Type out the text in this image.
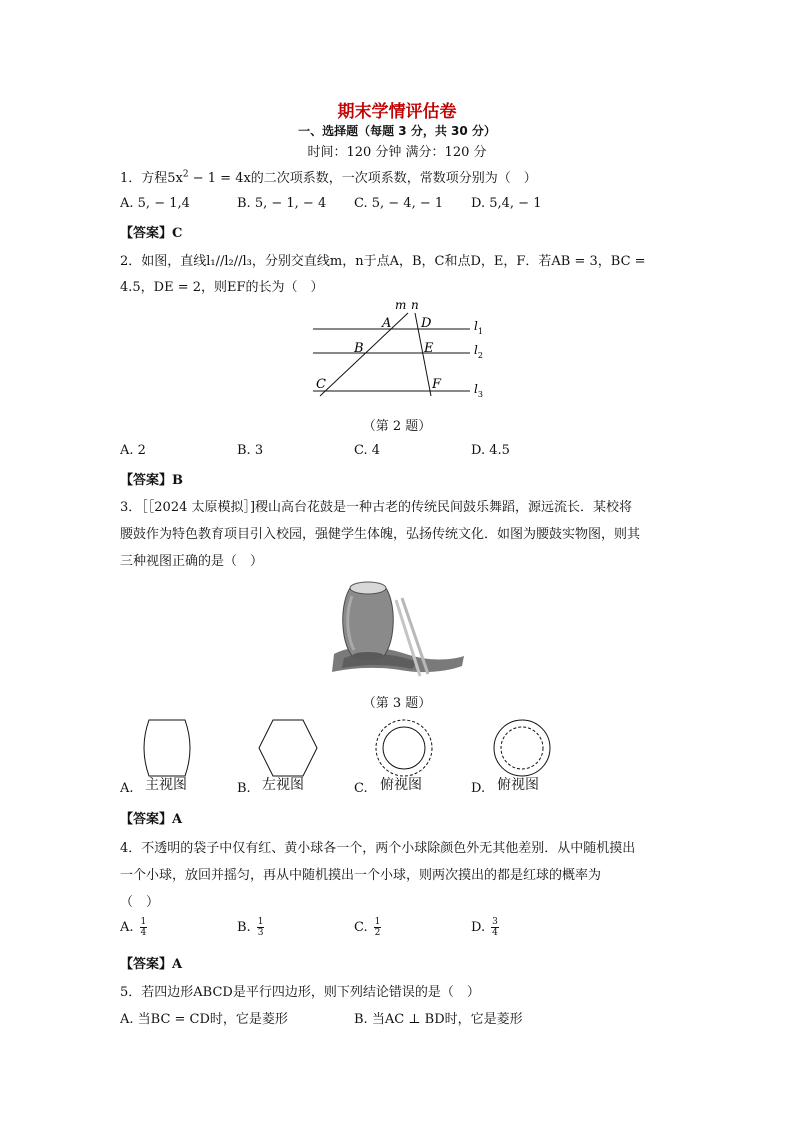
期末学情评估卷
一、选择题（每题 3 分，共 30 分）
时间：120 分钟 满分：120 分
1．方程$5x^2 - 1 = 4x$的二次项系数，一次项系数，常数项分别为（　）
A. 5, − 1,4	B. 5, − 1, − 4 C. 5, − 4, − 1 D. 5,4, − 1
【答案】C
2．如图，直线l₁//l₂//l₃，分别交直线m，n于点A，B，C和点D，E，F．若AB = 3，BC =
4.5，DE = 2，则EF的长为（　）
m n
A D
B	E
C	F
$l_1$
$l_2$
$l_3$
（第 2 题）
A. 2	B. 3	C. 4	D. 4.5
【答案】B
3．［［2024 太原模拟］]稷山高台花鼓是一种古老的传统民间鼓乐舞蹈，源远流长．某校将
腰鼓作为特色教育项目引入校园，强健学生体魄，弘扬传统文化．如图为腰鼓实物图，则其
三种视图正确的是（　）
（第 3 题）
A. 主视图	B. 左视图	C. 俯视图	D. 俯视图
【答案】A
4．不透明的袋子中仅有红、黄小球各一个，两个小球除颜色外无其他差别．从中随机摸出
一个小球，放回并摇匀，再从中随机摸出一个小球，则两次摸出的都是红球的概率为
（　）
A. $\frac{1}{4}$	B. $\frac{1}{3}$	C. $\frac{1}{2}$	D. $\frac{3}{4}$
【答案】A
5．若四边形ABCD是平行四边形，则下列结论错误的是（　）
A. 当BC = CD时，它是菱形	B. 当AC ⊥ BD时，它是菱形
